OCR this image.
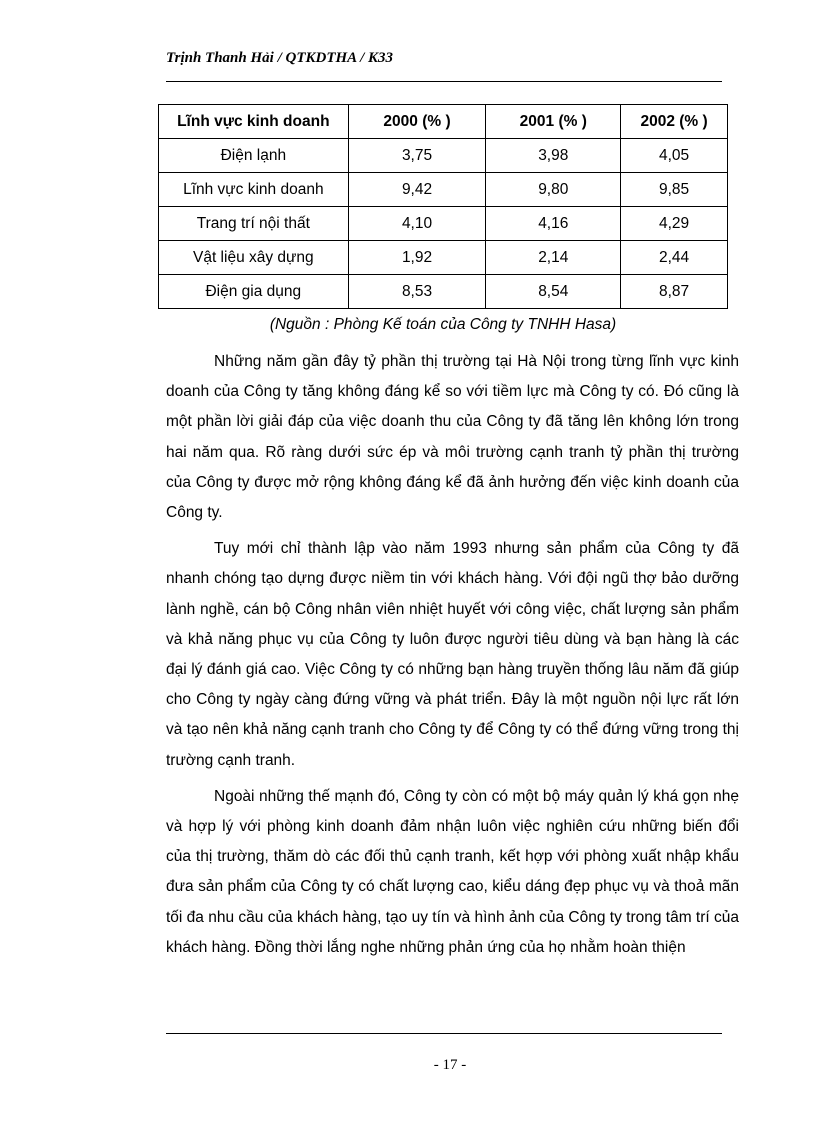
Trịnh Thanh Hải / QTKDTHA / K33
Lĩnh vực kinh doanh	2000 (% )	2001 (% )	2002 (% )
Điện lạnh	3,75	3,98	4,05
Lĩnh vực kinh doanh	9,42	9,80	9,85
Trang trí nội thất	4,10	4,16	4,29
Vật liệu xây dựng	1,92	2,14	2,44
Điện gia dụng	8,53	8,54	8,87
(Nguồn : Phòng Kế toán của Công ty TNHH Hasa)

Những năm gần đây tỷ phần thị trường tại Hà Nội trong từng lĩnh vực kinh doanh của Công ty tăng không đáng kể so với tiềm lực mà Công ty có. Đó cũng là một phần lời giải đáp của việc doanh thu của Công ty đã tăng lên không lớn trong hai năm qua. Rõ ràng dưới sức ép và môi trường cạnh tranh tỷ phần thị trường của Công ty được mở rộng không đáng kể đã ảnh hưởng đến việc kinh doanh của Công ty.

Tuy mới chỉ thành lập vào năm 1993 nhưng sản phẩm của Công ty đã nhanh chóng tạo dựng được niềm tin với khách hàng. Với đội ngũ thợ bảo dưỡng lành nghề, cán bộ Công nhân viên nhiệt huyết với công việc, chất lượng sản phẩm và khả năng phục vụ của Công ty luôn được người tiêu dùng và bạn hàng là các đại lý đánh giá cao. Việc Công ty có những bạn hàng truyền thống lâu năm đã giúp cho Công ty ngày càng đứng vững và phát triển. Đây là một nguồn nội lực rất lớn và tạo nên khả năng cạnh tranh cho Công ty để Công ty có thể đứng vững trong thị trường cạnh tranh.

Ngoài những thế mạnh đó, Công ty còn có một bộ máy quản lý khá gọn nhẹ và hợp lý với phòng kinh doanh đảm nhận luôn việc nghiên cứu những biến đổi của thị trường, thăm dò các đối thủ cạnh tranh, kết hợp với phòng xuất nhập khẩu đưa sản phẩm của Công ty có chất lượng cao, kiểu dáng đẹp phục vụ và thoả mãn tối đa nhu cầu của khách hàng, tạo uy tín và hình ảnh của Công ty trong tâm trí của khách hàng. Đồng thời lắng nghe những phản ứng của họ nhằm hoàn thiện

- 17 -
